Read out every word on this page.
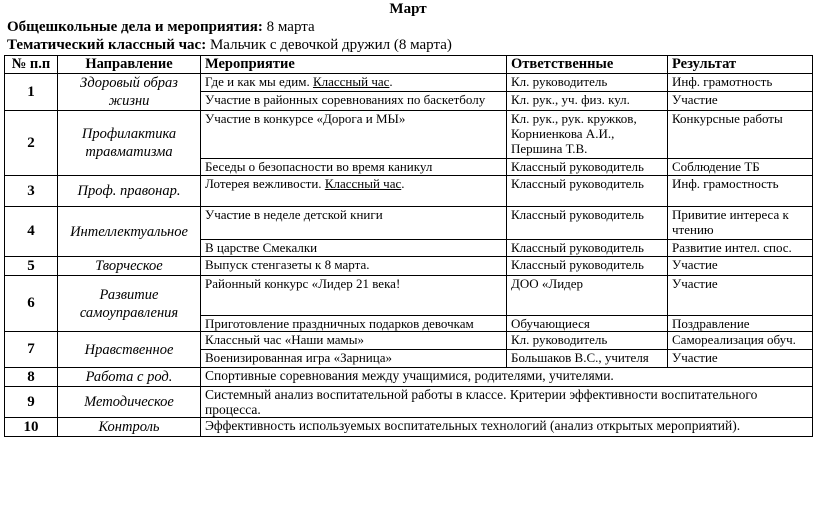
Март
Общешкольные дела и мероприятия: 8 марта
Тематический классный час: Мальчик с девочкой дружил (8 марта)
№ п.п	Направление	Мероприятие	Ответственные	Результат
1	Здоровый образ жизни	Где и как мы едим. Классный час.	Кл. руководитель	Инф. грамотность
		Участие в районных соревнованиях по баскетболу	Кл. рук., уч. физ. кул.	Участие
2	Профилактика травматизма	Участие в конкурсе «Дорога и МЫ»	Кл. рук., рук. кружков, Корниенкова А.И., Першина Т.В.	Конкурсные работы
		Беседы о безопасности во время каникул	Классный руководитель	Соблюдение ТБ
3	Проф. правонар.	Лотерея вежливости. Классный час.	Классный руководитель	Инф. грамостность
4	Интеллектуальное	Участие в неделе детской книги	Классный руководитель	Привитие интереса к чтению
		В царстве Смекалки	Классный руководитель	Развитие интел. спос.
5	Творческое	Выпуск стенгазеты к 8 марта.	Классный руководитель	Участие
6	Развитие самоуправления	Районный конкурс «Лидер 21 века!	ДОО «Лидер	Участие
		Приготовление праздничных подарков девочкам	Обучающиеся	Поздравление
7	Нравственное	Классный час «Наши мамы»	Кл. руководитель	Самореализация обуч.
		Военизированная игра «Зарница»	Большаков В.С., учителя	Участие
8	Работа с род.	Спортивные соревнования между учащимися, родителями, учителями.		
9	Методическое	Системный анализ воспитательной работы в классе. Критерии эффективности воспитательного процесса.		
10	Контроль	Эффективность используемых воспитательных технологий (анализ открытых мероприятий).		
